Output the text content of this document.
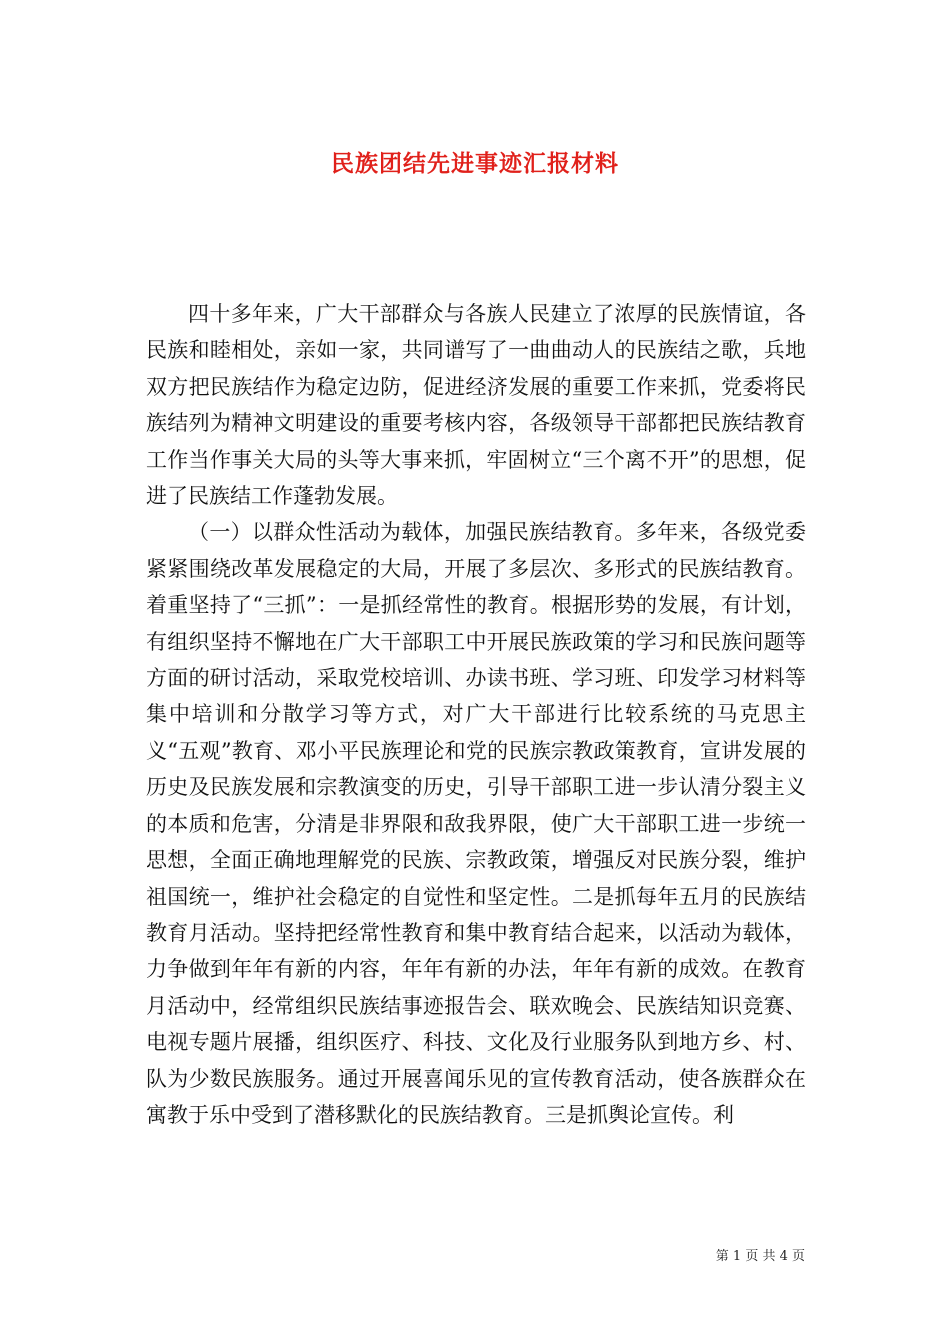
民族团结先进事迹汇报材料

四十多年来，广大干部群众与各族人民建立了浓厚的民族情谊，各民族和睦相处，亲如一家，共同谱写了一曲曲动人的民族结之歌，兵地双方把民族结作为稳定边防，促进经济发展的重要工作来抓，党委将民族结列为精神文明建设的重要考核内容，各级领导干部都把民族结教育工作当作事关大局的头等大事来抓，牢固树立“三个离不开”的思想，促进了民族结工作蓬勃发展。

（一）以群众性活动为载体，加强民族结教育。多年来，各级党委紧紧围绕改革发展稳定的大局，开展了多层次、多形式的民族结教育。着重坚持了“三抓”：一是抓经常性的教育。根据形势的发展，有计划，有组织坚持不懈地在广大干部职工中开展民族政策的学习和民族问题等方面的研讨活动，采取党校培训、办读书班、学习班、印发学习材料等集中培训和分散学习等方式，对广大干部进行比较系统的马克思主义“五观”教育、邓小平民族理论和党的民族宗教政策教育，宣讲发展的历史及民族发展和宗教演变的历史，引导干部职工进一步认清分裂主义的本质和危害，分清是非界限和敌我界限，使广大干部职工进一步统一思想，全面正确地理解党的民族、宗教政策，增强反对民族分裂，维护祖国统一，维护社会稳定的自觉性和坚定性。二是抓每年五月的民族结教育月活动。坚持把经常性教育和集中教育结合起来，以活动为载体，力争做到年年有新的内容，年年有新的办法，年年有新的成效。在教育月活动中，经常组织民族结事迹报告会、联欢晚会、民族结知识竞赛、电视专题片展播，组织医疗、科技、文化及行业服务队到地方乡、村、队为少数民族服务。通过开展喜闻乐见的宣传教育活动，使各族群众在寓教于乐中受到了潜移默化的民族结教育。三是抓舆论宣传。利

第 1 页 共 4 页
